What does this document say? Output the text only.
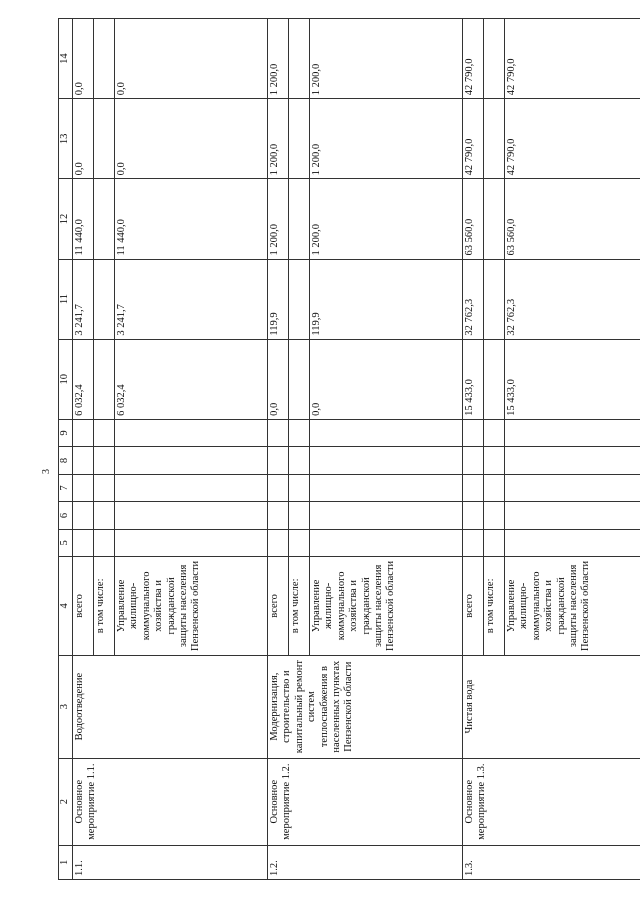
3
1	2	3	4	5	6	7	8	9	10	11	12	13	14
1.1.	Основное мероприятие 1.1.	Водоотведение	всего						6 032,4	3 241,7	11 440,0	0,0	0,0
			в том числе:										
			Управление жилищно-коммунального хозяйства и гражданской защиты населения Пензенской области						6 032,4	3 241,7	11 440,0	0,0	0,0
1.2.	Основное мероприятие 1.2.	Модернизация, строительство и капитальный ремонт систем теплоснабжения в населенных пунктах Пензенской области	всего						0,0	119,9	1 200,0	1 200,0	1 200,0
			в том числе:										
			Управление жилищно-коммунального хозяйства и гражданской защиты населения Пензенской области						0,0	119,9	1 200,0	1 200,0	1 200,0
1.3.	Основное мероприятие 1.3.	Чистая вода	всего						15 433,0	32 762,3	63 560,0	42 790,0	42 790,0
			в том числе:										
			Управление жилищно-коммунального хозяйства и гражданской защиты населения Пензенской области						15 433,0	32 762,3	63 560,0	42 790,0	42 790,0
